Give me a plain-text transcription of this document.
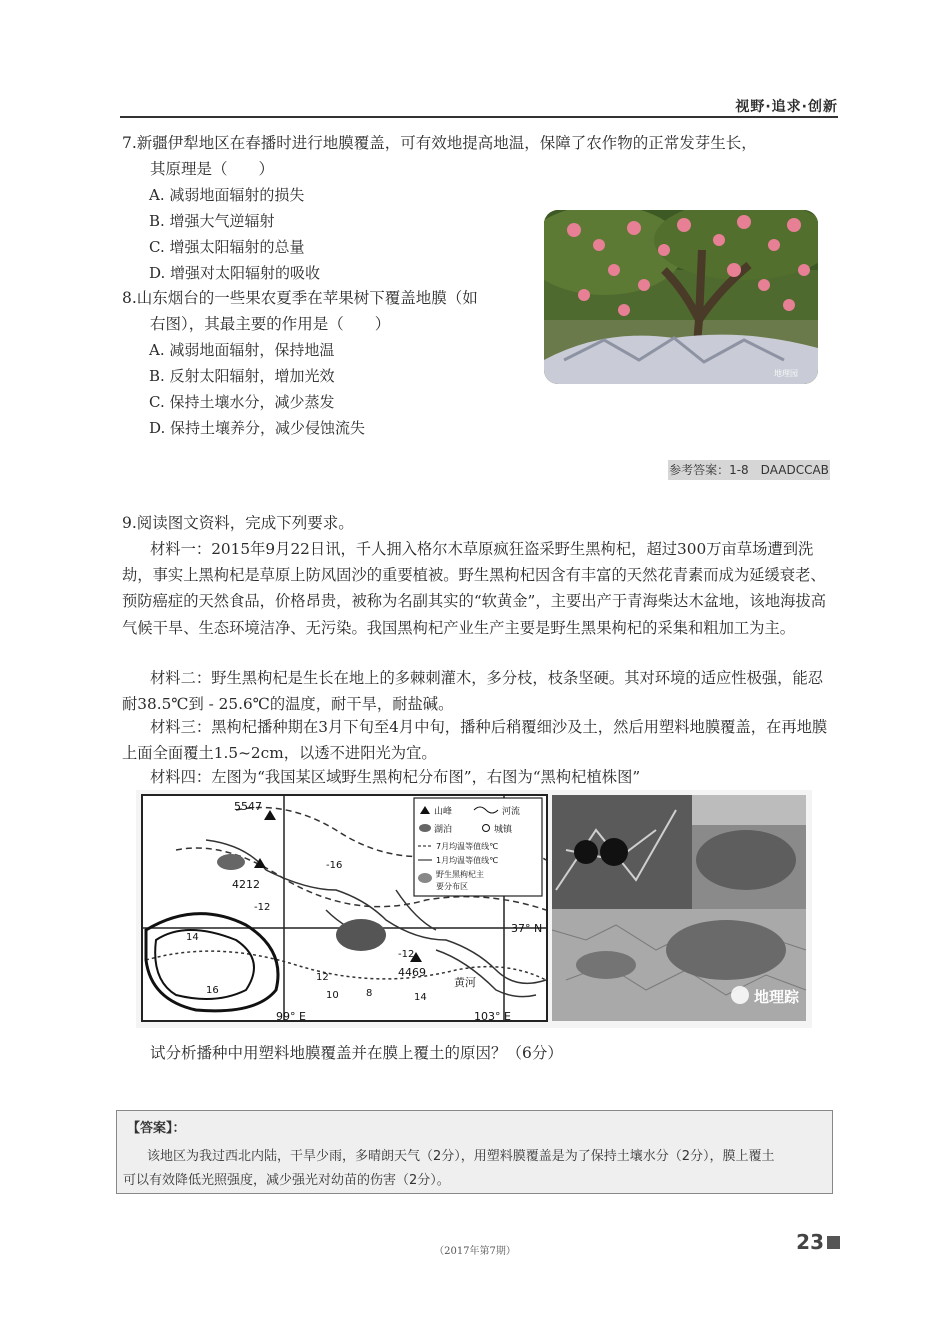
视野·追求·创新
7.新疆伊犁地区在春播时进行地膜覆盖，可有效地提高地温，保障了农作物的正常发芽生长，
其原理是（　　）
A. 减弱地面辐射的损失
B. 增强大气逆辐射
C. 增强太阳辐射的总量
D. 增强对太阳辐射的吸收
8.山东烟台的一些果农夏季在苹果树下覆盖地膜（如
右图），其最主要的作用是（　　）
A. 减弱地面辐射，保持地温
B. 反射太阳辐射，增加光效
C. 保持土壤水分，减少蒸发
D. 保持土壤养分，减少侵蚀流失
地理园
参考答案：1-8　DAADCCAB
9.阅读图文资料，完成下列要求。
材料一：2015年9月22日讯，千人拥入格尔木草原疯狂盗采野生黑枸杞，超过300万亩草场遭到洗劫，事实上黑枸杞是草原上防风固沙的重要植被。野生黑枸杞因含有丰富的天然花青素而成为延缓衰老、预防癌症的天然食品，价格昂贵，被称为名副其实的“软黄金”，主要出产于青海柴达木盆地，该地海拔高气候干旱、生态环境洁净、无污染。我国黑枸杞产业生产主要是野生黑果枸杞的采集和粗加工为主。
材料二：野生黑枸杞是生长在地上的多棘刺灌木，多分枝，枝条坚硬。其对环境的适应性极强，能忍耐38.5℃到 - 25.6℃的温度，耐干旱，耐盐碱。
材料三：黑枸杞播种期在3月下旬至4月中旬，播种后稍覆细沙及土，然后用塑料地膜覆盖，在再地膜上面全面覆土1.5~2cm，以透不进阳光为宜。
材料四：左图为“我国某区域野生黑枸杞分布图”，右图为“黑枸杞植株图”
5547
4212
4469
-16
-12
-12
14
16
12
10	8	14
37° N
99° E	103° E
黄河
山峰	河流
湖泊	城镇
7月均温等值线℃
1月均温等值线℃
野生黑枸杞主
要分布区
地理踪
试分析播种中用塑料地膜覆盖并在膜上覆土的原因？（6分）
【答案】：
该地区为我过西北内陆，干旱少雨，多晴朗天气（2分），用塑料膜覆盖是为了保持土壤水分（2分），膜上覆土
可以有效降低光照强度，减少强光对幼苗的伤害（2分）。
（2017年第7期）	23
